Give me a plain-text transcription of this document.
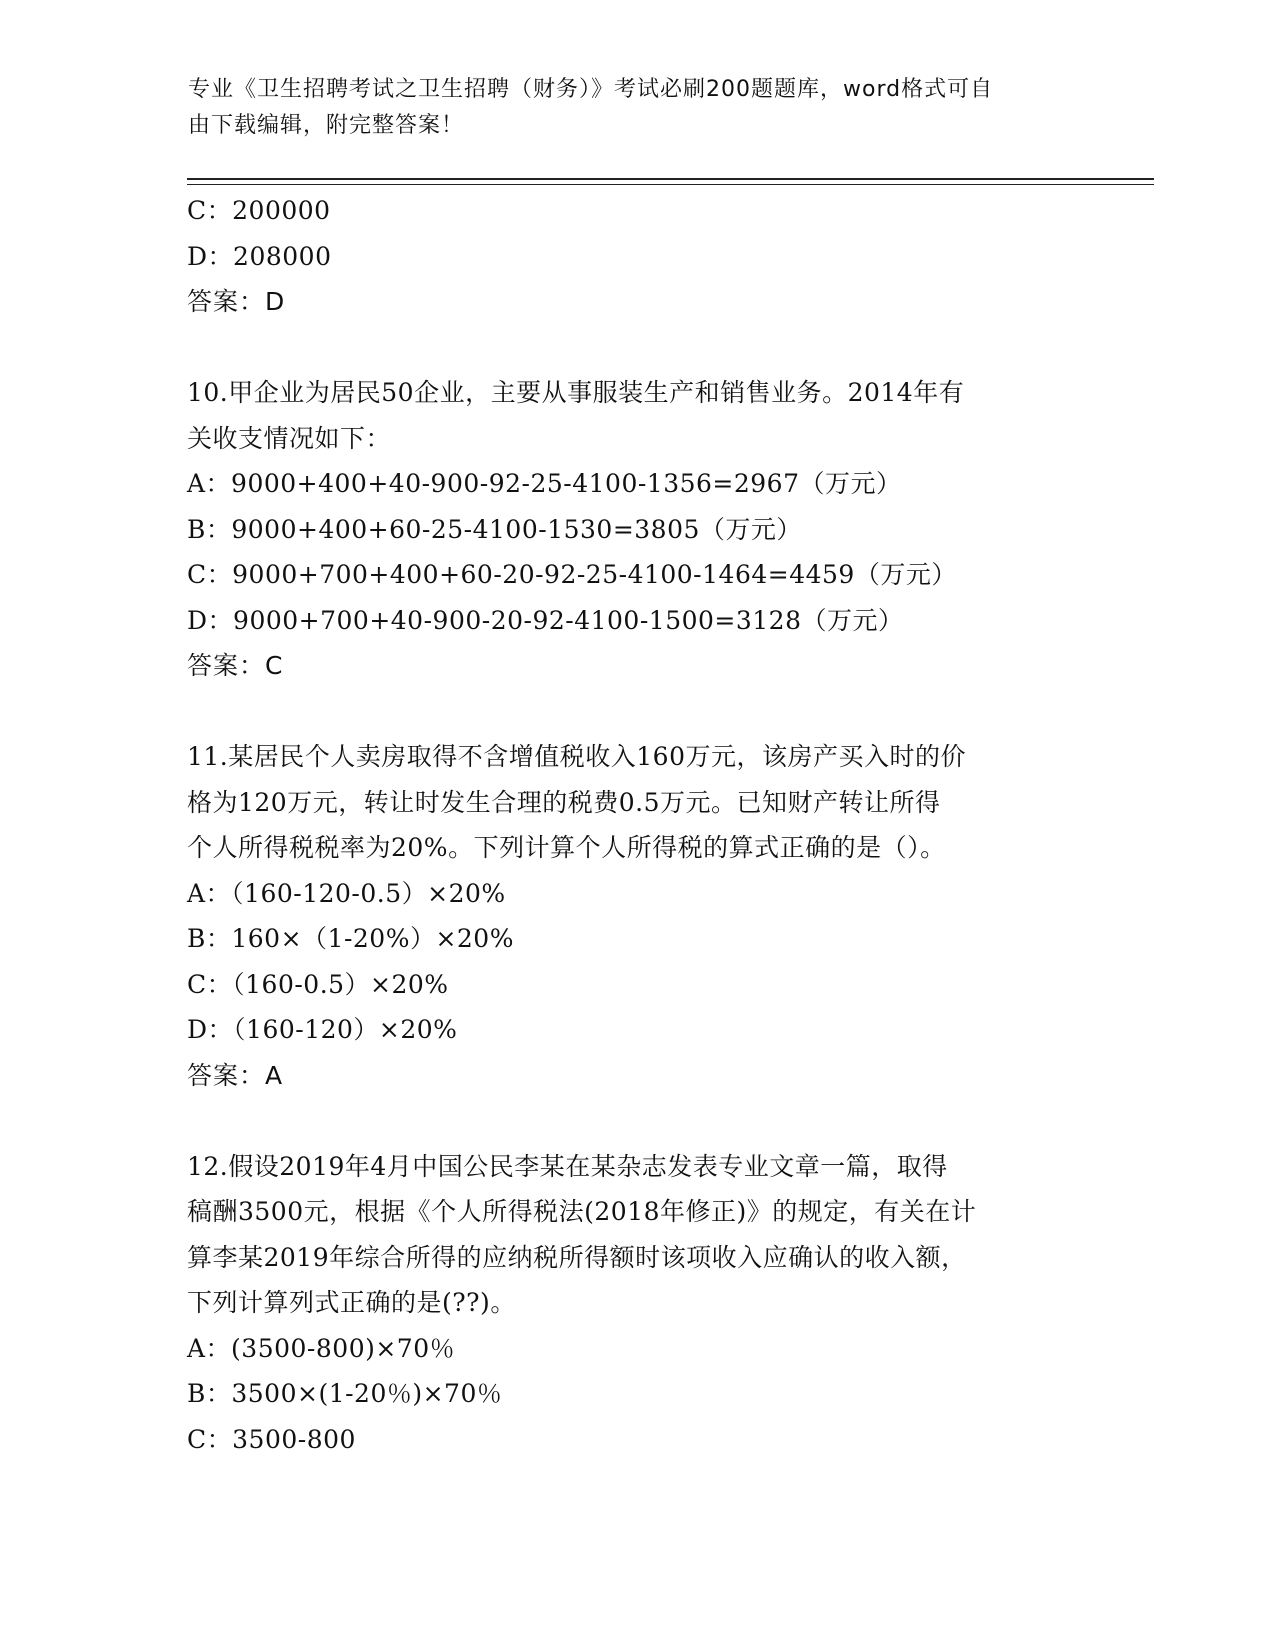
专业《卫生招聘考试之卫生招聘（财务）》考试必刷200题题库，word格式可自
由下载编辑，附完整答案！
C：200000
D：208000
答案：D
10.甲企业为居民50企业，主要从事服装生产和销售业务。2014年有
关收支情况如下：
A：9000+400+40-900-92-25-4100-1356=2967（万元）
B：9000+400+60-25-4100-1530=3805（万元）
C：9000+700+400+60-20-92-25-4100-1464=4459（万元）
D：9000+700+40-900-20-92-4100-1500=3128（万元）
答案：C
11.某居民个人卖房取得不含增值税收入160万元，该房产买入时的价
格为120万元，转让时发生合理的税费0.5万元。已知财产转让所得
个人所得税税率为20%。下列计算个人所得税的算式正确的是（）。
A：（160-120-0.5）×20%
B：160×（1-20%）×20%
C：（160-0.5）×20%
D：（160-120）×20%
答案：A
12.假设2019年4月中国公民李某在某杂志发表专业文章一篇，取得
稿酬3500元，根据《个人所得税法(2018年修正)》的规定，有关在计
算李某2019年综合所得的应纳税所得额时该项收入应确认的收入额，
下列计算列式正确的是(??)。
A：(3500-800)×70％
B：3500×(1-20％)×70％
C：3500-800
